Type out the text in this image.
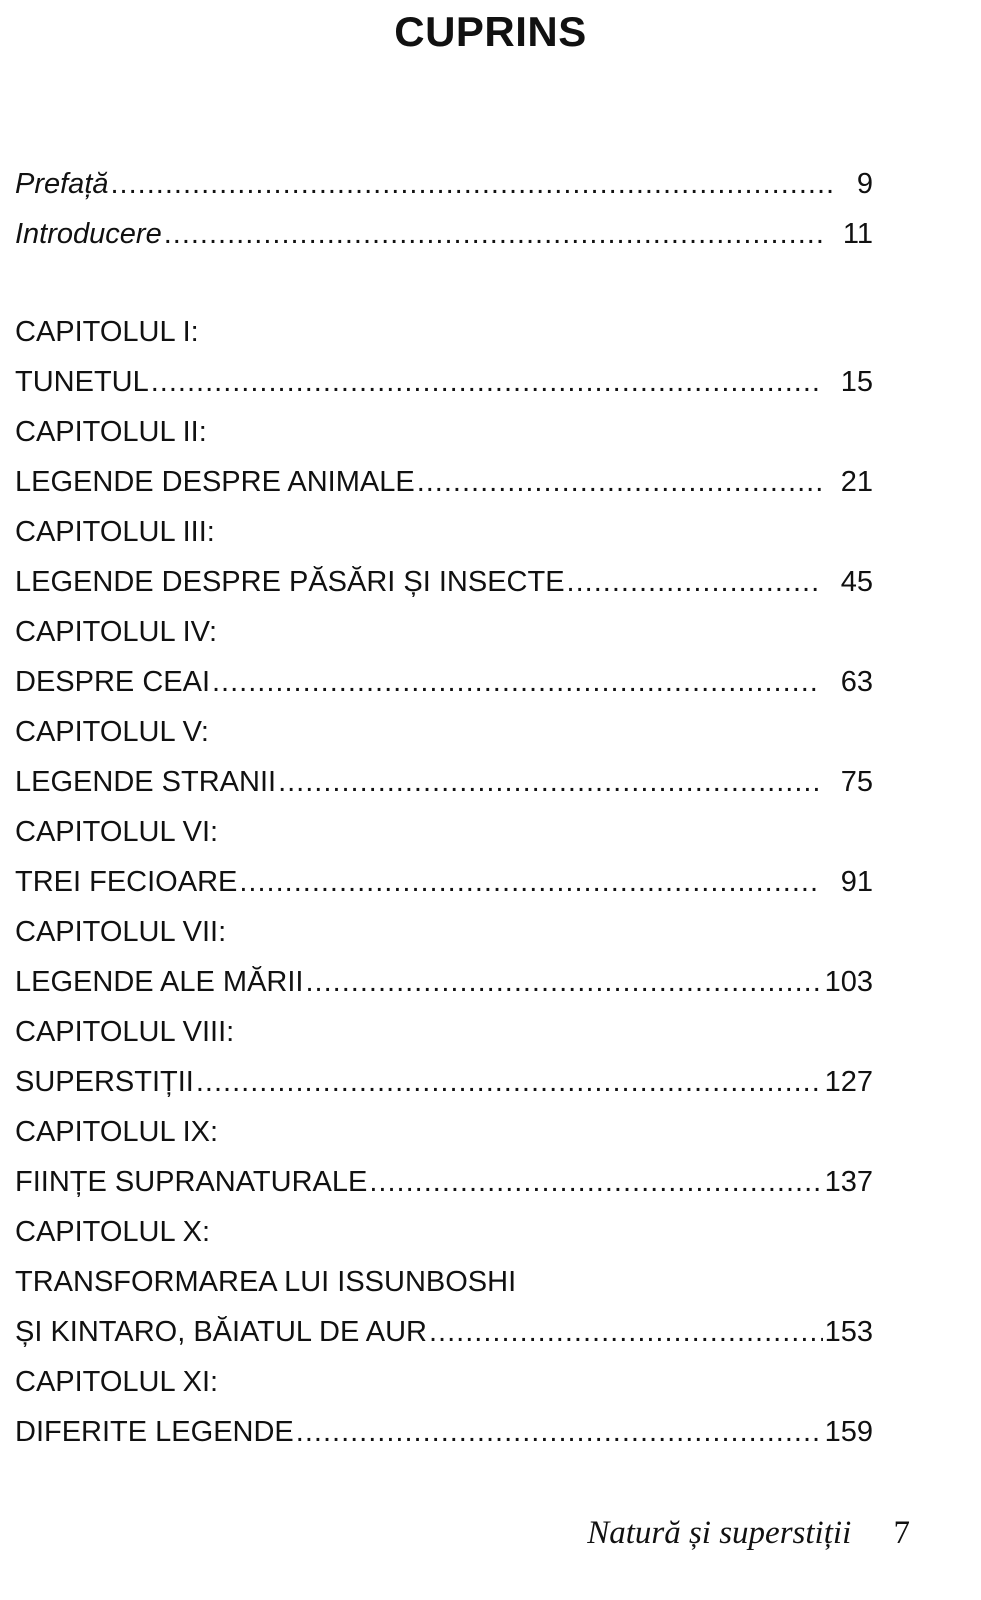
CUPRINS
Prefață .....	9
Introducere .....	11
CAPITOLUL I:
TUNETUL .....	15
CAPITOLUL II:
LEGENDE DESPRE ANIMALE .....	21
CAPITOLUL III:
LEGENDE DESPRE PĂSĂRI ȘI INSECTE .....	45
CAPITOLUL IV:
DESPRE CEAI .....	63
CAPITOLUL V:
LEGENDE STRANII .....	75
CAPITOLUL VI:
TREI FECIOARE .....	91
CAPITOLUL VII:
LEGENDE ALE MĂRII .....	103
CAPITOLUL VIII:
SUPERSTIȚII .....	127
CAPITOLUL IX:
FIINȚE SUPRANATURALE .....	137
CAPITOLUL X:
TRANSFORMAREA LUI ISSUNBOSHI
ȘI KINTARO, BĂIATUL DE AUR .....	153
CAPITOLUL XI:
DIFERITE LEGENDE .....	159
Natură și superstiții 7
